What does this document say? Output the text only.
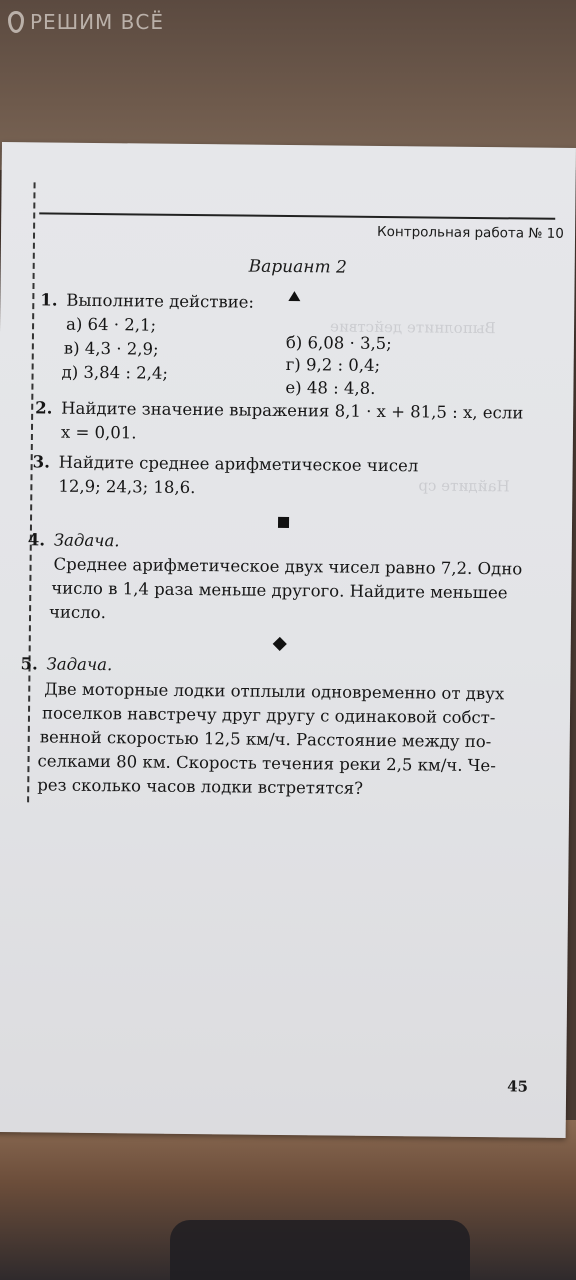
РЕШИМ ВСЁ
Контрольная работа № 10
Вариант 2
Выполните действие
Найдите ср
1. Выполните действие:
а) 64 · 2,1;
б) 6,08 · 3,5;
в) 4,3 · 2,9;
г) 9,2 : 0,4;
д) 3,84 : 2,4;
е) 48 : 4,8.
2. Найдите значение выражения 8,1 · x + 81,5 : x, если
x = 0,01.
3. Найдите среднее арифметическое чисел
12,9; 24,3; 18,6.
4. Задача.
Среднее арифметическое двух чисел равно 7,2. Одно
число в 1,4 раза меньше другого. Найдите меньшее
число.
5. Задача.
Две моторные лодки отплыли одновременно от двух
поселков навстречу друг другу с одинаковой собст-
венной скоростью 12,5 км/ч. Расстояние между по-
селками 80 км. Скорость течения реки 2,5 км/ч. Че-
рез сколько часов лодки встретятся?
45
